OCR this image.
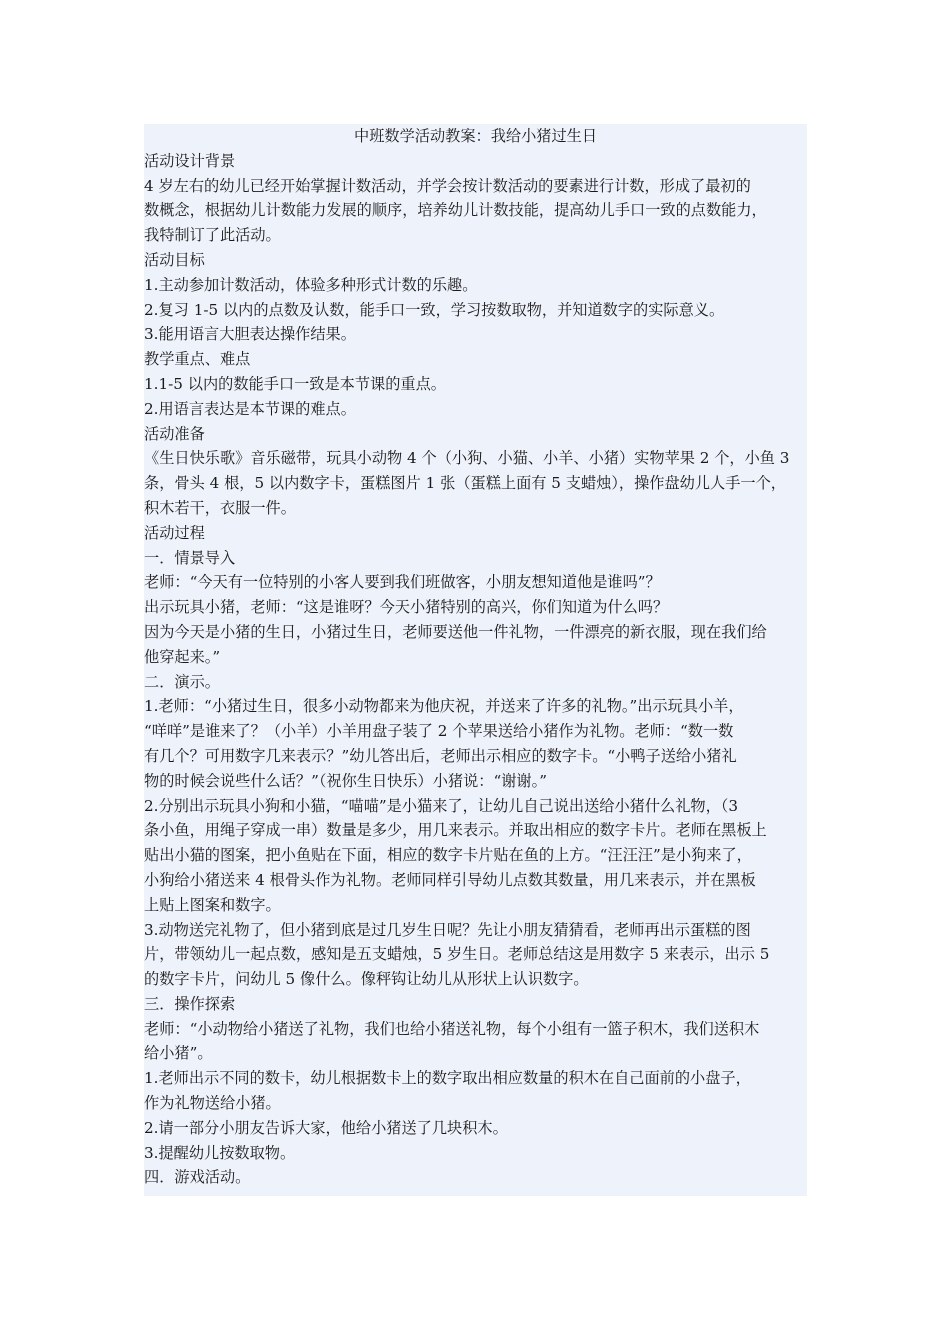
中班数学活动教案：我给小猪过生日

活动设计背景

4 岁左右的幼儿已经开始掌握计数活动，并学会按计数活动的要素进行计数，形成了最初的

数概念，根据幼儿计数能力发展的顺序，培养幼儿计数技能，提高幼儿手口一致的点数能力，

我特制订了此活动。

活动目标

1.主动参加计数活动，体验多种形式计数的乐趣。

2.复习 1-5 以内的点数及认数，能手口一致，学习按数取物，并知道数字的实际意义。

3.能用语言大胆表达操作结果。

教学重点、难点

1.1-5 以内的数能手口一致是本节课的重点。

2.用语言表达是本节课的难点。

活动准备

《生日快乐歌》音乐磁带，玩具小动物 4 个（小狗、小猫、小羊、小猪）实物苹果 2 个，小鱼 3

条，骨头 4 根，5 以内数字卡，蛋糕图片 1 张（蛋糕上面有 5 支蜡烛），操作盘幼儿人手一个，

积木若干，衣服一件。

活动过程

一．情景导入

老师：“今天有一位特别的小客人要到我们班做客，小朋友想知道他是谁吗”？

出示玩具小猪，老师：“这是谁呀？今天小猪特别的高兴，你们知道为什么吗？

因为今天是小猪的生日，小猪过生日，老师要送他一件礼物，一件漂亮的新衣服，现在我们给

他穿起来。”

二．演示。

1.老师：“小猪过生日，很多小动物都来为他庆祝，并送来了许多的礼物。”出示玩具小羊，

“咩咩”是谁来了？（小羊）小羊用盘子装了 2 个苹果送给小猪作为礼物。老师：“数一数

有几个？可用数字几来表示？”幼儿答出后，老师出示相应的数字卡。“小鸭子送给小猪礼

物的时候会说些什么话？”（祝你生日快乐）小猪说：“谢谢。”

2.分别出示玩具小狗和小猫，“喵喵”是小猫来了，让幼儿自己说出送给小猪什么礼物，（3

条小鱼，用绳子穿成一串）数量是多少，用几来表示。并取出相应的数字卡片。老师在黑板上

贴出小猫的图案，把小鱼贴在下面，相应的数字卡片贴在鱼的上方。“汪汪汪”是小狗来了，

小狗给小猪送来 4 根骨头作为礼物。老师同样引导幼儿点数其数量，用几来表示，并在黑板

上贴上图案和数字。

3.动物送完礼物了，但小猪到底是过几岁生日呢？先让小朋友猜猜看，老师再出示蛋糕的图

片，带领幼儿一起点数，感知是五支蜡烛，5 岁生日。老师总结这是用数字 5 来表示，出示 5

的数字卡片，问幼儿 5 像什么。像秤钩让幼儿从形状上认识数字。

三．操作探索

老师：“小动物给小猪送了礼物，我们也给小猪送礼物，每个小组有一篮子积木，我们送积木

给小猪”。

1.老师出示不同的数卡，幼儿根据数卡上的数字取出相应数量的积木在自己面前的小盘子，

作为礼物送给小猪。

2.请一部分小朋友告诉大家，他给小猪送了几块积木。

3.提醒幼儿按数取物。

四．游戏活动。
